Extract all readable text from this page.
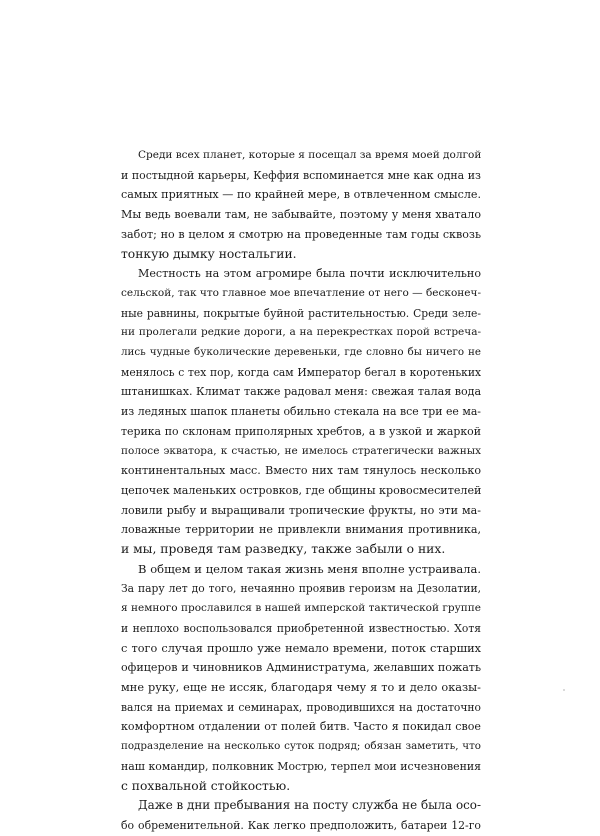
Среди всех планет, которые я посещал за время моей долгой
и постыдной карьеры, Кеффия вспоминается мне как одна из
самых приятных — по крайней мере, в отвлеченном смысле.
Мы ведь воевали там, не забывайте, поэтому у меня хватало
забот; но в целом я смотрю на проведенные там годы сквозь
тонкую дымку ностальгии.

Местность на этом агромире была почти исключительно
сельской, так что главное мое впечатление от него — бесконеч-
ные равнины, покрытые буйной растительностью. Среди зеле-
ни пролегали редкие дороги, а на перекрестках порой встреча-
лись чудные буколические деревеньки, где словно бы ничего не
менялось с тех пор, когда сам Император бегал в коротеньких
штанишках. Климат также радовал меня: свежая талая вода
из ледяных шапок планеты обильно стекала на все три ее ма-
терика по склонам приполярных хребтов, а в узкой и жаркой
полосе экватора, к счастью, не имелось стратегически важных
континентальных масс. Вместо них там тянулось несколько
цепочек маленьких островков, где общины кровосмесителей
ловили рыбу и выращивали тропические фрукты, но эти ма-
ловажные территории не привлекли внимания противника,
и мы, проведя там разведку, также забыли о них.

В общем и целом такая жизнь меня вполне устраивала.
За пару лет до того, нечаянно проявив героизм на Дезолатии,
я немного прославился в нашей имперской тактической группе
и неплохо воспользовался приобретенной известностью. Хотя
с того случая прошло уже немало времени, поток старших
офицеров и чиновников Администратума, желавших пожать
мне руку, еще не иссяк, благодаря чему я то и дело оказы-
вался на приемах и семинарах, проводившихся на достаточно
комфортном отдалении от полей битв. Часто я покидал свое
подразделение на несколько суток подряд; обязан заметить, что
наш командир, полковник Мострю, терпел мои исчезновения
с похвальной стойкостью.

Даже в дни пребывания на посту служба не была осо-
бо обременительной. Как легко предположить, батареи 12-го
